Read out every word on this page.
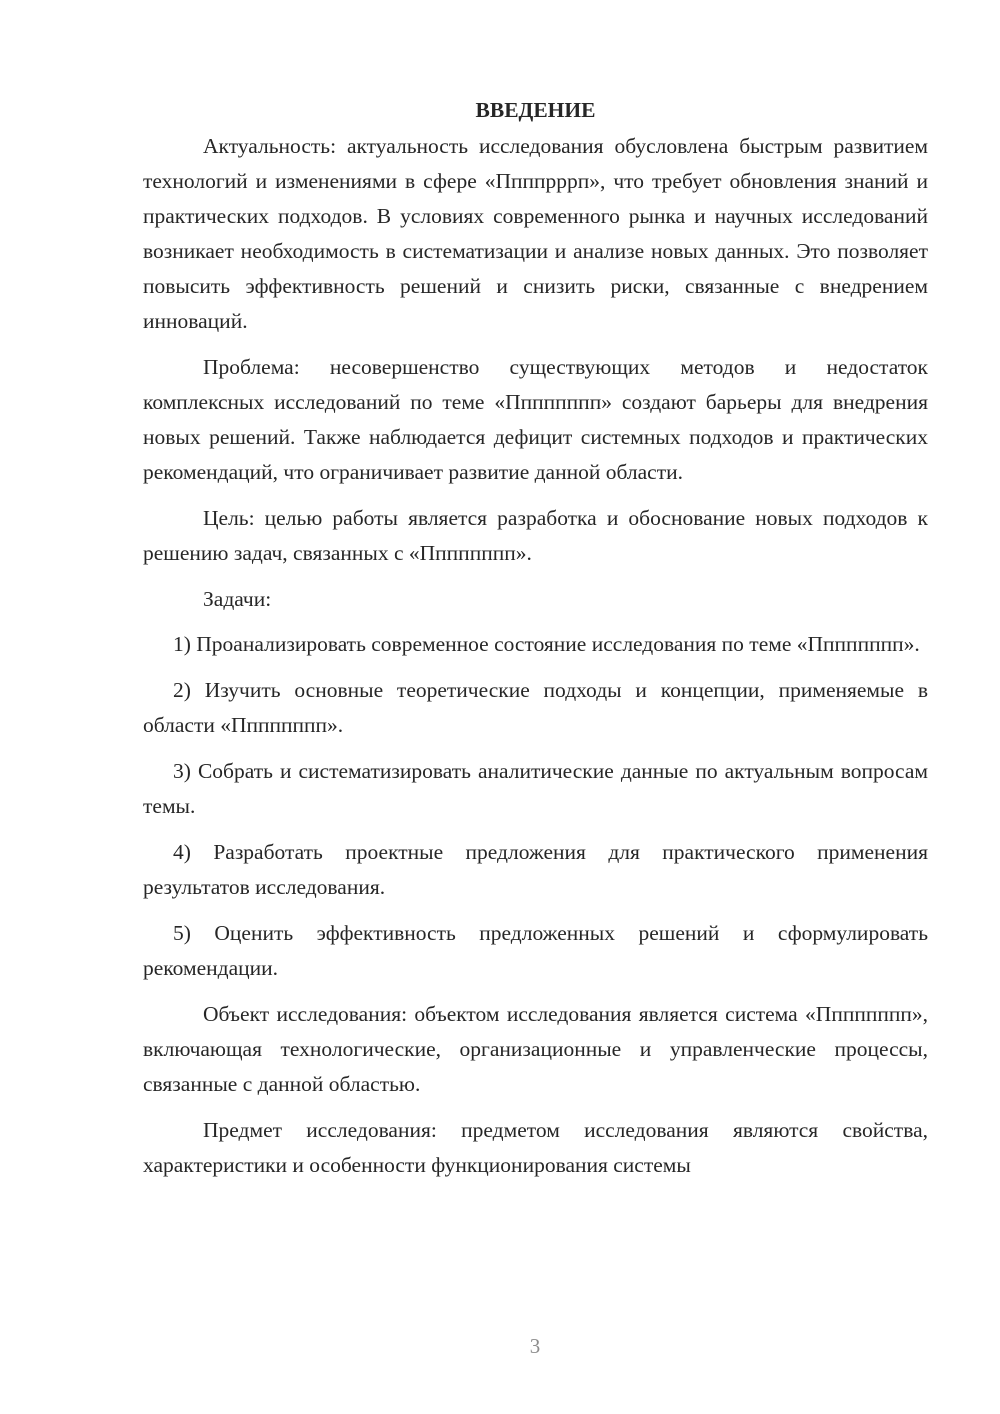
ВВЕДЕНИЕ

Актуальность: актуальность исследования обусловлена быстрым развитием технологий и изменениями в сфере «Ппппpppп», что требует обновления знаний и практических подходов. В условиях современного рынка и научных исследований возникает необходимость в систематизации и анализе новых данных. Это позволяет повысить эффективность решений и снизить риски, связанные с внедрением инноваций.

Проблема: несовершенство существующих методов и недостаток комплексных исследований по теме «Пппппппп» создают барьеры для внедрения новых решений. Также наблюдается дефицит системных подходов и практических рекомендаций, что ограничивает развитие данной области.

Цель: целью работы является разработка и обоснование новых подходов к решению задач, связанных с «Пппппппп».

Задачи:

1) Проанализировать современное состояние исследования по теме «Пппппппп».

2) Изучить основные теоретические подходы и концепции, применяемые в области «Пппппппп».

3) Собрать и систематизировать аналитические данные по актуальным вопросам темы.

4) Разработать проектные предложения для практического применения результатов исследования.

5) Оценить эффективность предложенных решений и сформулировать рекомендации.

Объект исследования: объектом исследования является система «Пппппппп», включающая технологические, организационные и управленческие процессы, связанные с данной областью.

Предмет исследования: предметом исследования являются свойства, характеристики и особенности функционирования системы

3
